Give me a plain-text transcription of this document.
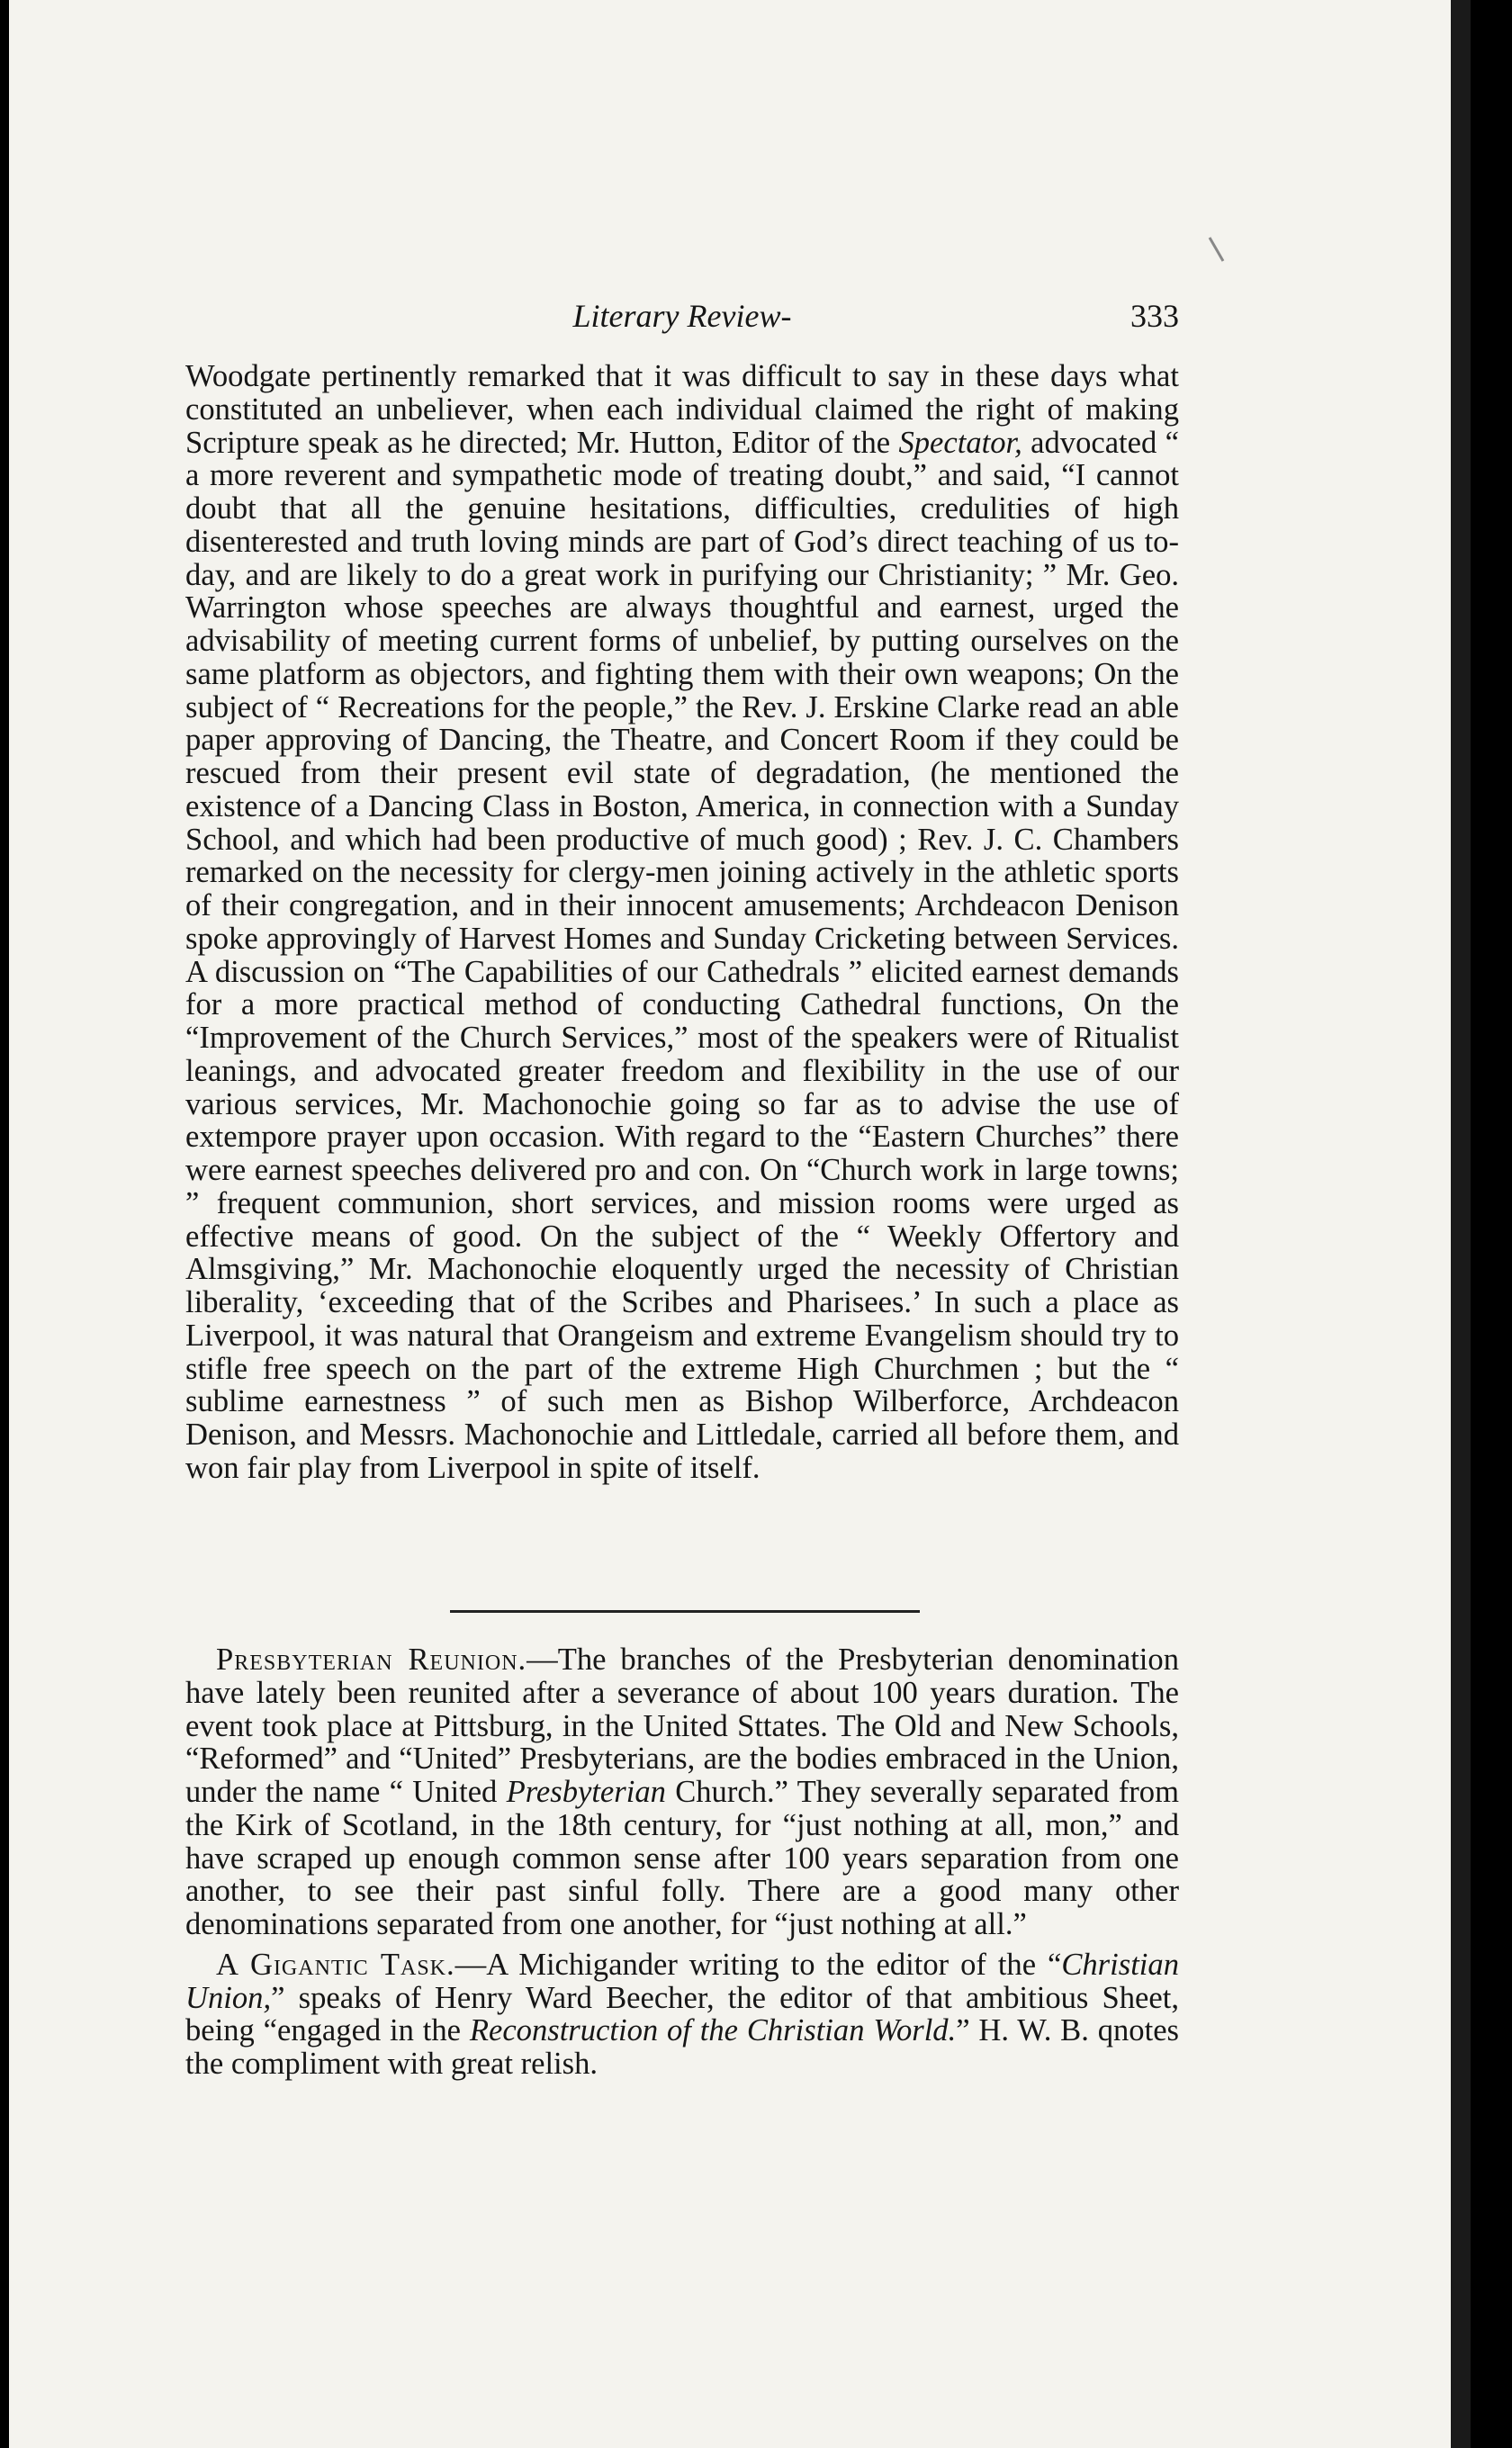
Literary Review-	333

Woodgate pertinently remarked that it was difficult to say in these days what constituted an unbeliever, when each individual claimed the right of making Scripture speak as he directed; Mr. Hutton, Editor of the Spectator, advocated “ a more reverent and sympathetic mode of treating doubt,” and said, “I cannot doubt that all the genuine hesitations, difficulties, credulities of high disenterested and truth loving minds are part of God’s direct teaching of us to-day, and are likely to do a great work in purifying our Christianity; ” Mr. Geo. Warrington whose speeches are always thoughtful and earnest, urged the advisability of meeting current forms of unbelief, by putting ourselves on the same platform as objectors, and fighting them with their own weapons; On the subject of “ Recreations for the people,” the Rev. J. Erskine Clarke read an able paper approving of Dancing, the Theatre, and Concert Room if they could be rescued from their present evil state of degradation, (he mentioned the existence of a Dancing Class in Boston, America, in connection with a Sunday School, and which had been productive of much good) ; Rev. J. C. Chambers remarked on the necessity for clergy-men joining actively in the athletic sports of their congregation, and in their innocent amusements; Archdeacon Denison spoke approvingly of Harvest Homes and Sunday Cricketing between Services. A discussion on “The Capabilities of our Cathedrals ” elicited earnest demands for a more practical method of conducting Cathedral functions, On the “Improvement of the Church Services,” most of the speakers were of Ritualist leanings, and advocated greater freedom and flexibility in the use of our various services, Mr. Machonochie going so far as to advise the use of extempore prayer upon occasion. With regard to the “Eastern Churches” there were earnest speeches delivered pro and con. On “Church work in large towns; ” frequent communion, short services, and mission rooms were urged as effective means of good. On the subject of the “ Weekly Offertory and Almsgiving,” Mr. Machonochie eloquently urged the necessity of Christian liberality, ‘exceeding that of the Scribes and Pharisees.’ In such a place as Liverpool, it was natural that Orangeism and extreme Evangelism should try to stifle free speech on the part of the extreme High Churchmen ; but the “ sublime earnestness ” of such men as Bishop Wilberforce, Archdeacon Denison, and Messrs. Machonochie and Littledale, carried all before them, and won fair play from Liverpool in spite of itself.

Presbyterian Reunion.—The branches of the Presbyterian denomination have lately been reunited after a severance of about 100 years duration. The event took place at Pittsburg, in the United Sttates. The Old and New Schools, “Reformed” and “United” Presbyterians, are the bodies embraced in the Union, under the name “ United Presbyterian Church.” They severally separated from the Kirk of Scotland, in the 18th century, for “just nothing at all, mon,” and have scraped up enough common sense after 100 years separation from one another, to see their past sinful folly. There are a good many other denominations separated from one another, for “just nothing at all.”

A Gigantic Task.—A Michigander writing to the editor of the “Christian Union,” speaks of Henry Ward Beecher, the editor of that ambitious Sheet, being “engaged in the Reconstruction of the Christian World.” H. W. B. qnotes the compliment with great relish.
